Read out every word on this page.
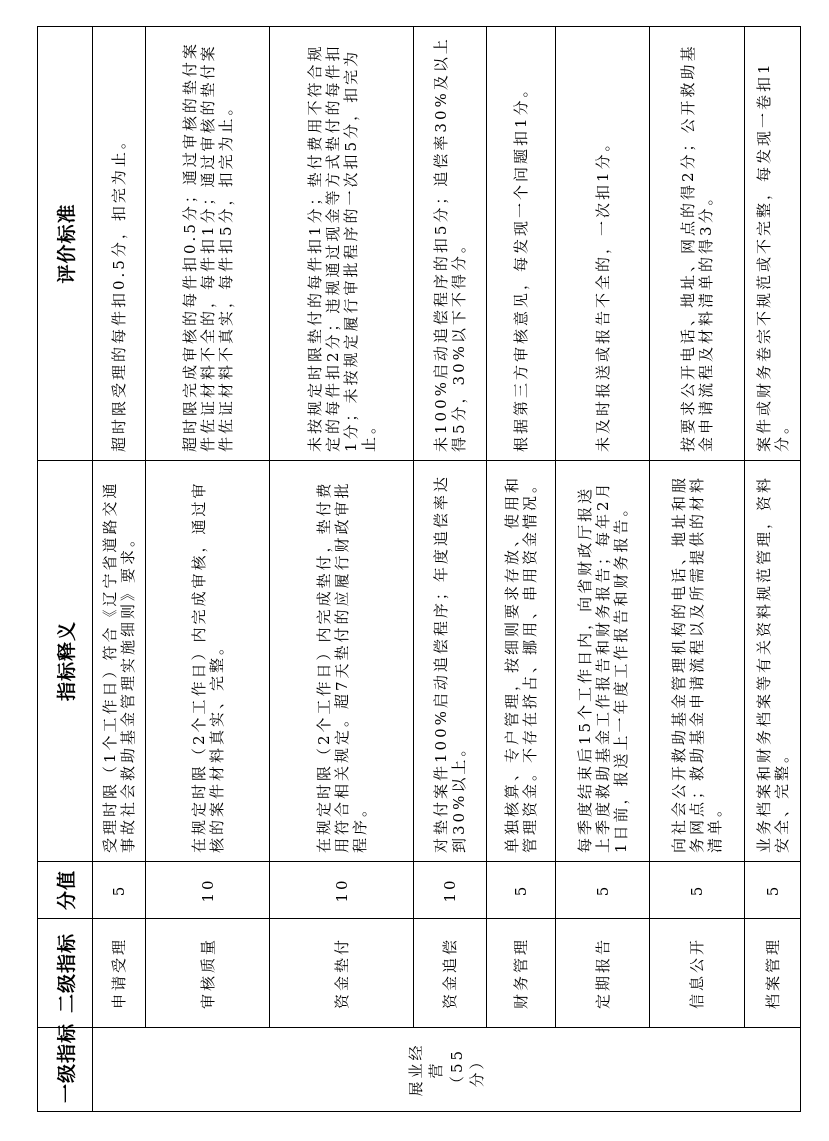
一级指标	二级指标	分值	指标释义	评价标准
展业经营 （55分）	申请受理	5	受理时限（1个工作日）符合《辽宁省道路交通事故社会救助基金管理实施细则》要求。	超时限受理的每件扣0.5分，扣完为止。
	审核质量	10	在规定时限（2个工作日）内完成审核，通过审核的案件材料真实、完整。	超时限完成审核的每件扣0.5分；通过审核的垫付案件佐证材料不全的，每件扣1分；通过审核的垫付案件佐证材料不真实，每件扣5分，扣完为止。
	资金垫付	10	在规定时限（2个工作日）内完成垫付，垫付费用符合相关规定。超7天垫付的应履行财政审批程序。	未按规定时限垫付的每件扣1分；垫付费用不符合规定的每件扣2分；违规通过现金等方式垫付的每件扣1分；未按规定履行审批程序的一次扣5分，扣完为止。
	资金追偿	10	对垫付案件100%启动追偿程序；年度追偿率达到30%以上。	未100%启动追偿程序的扣5分；追偿率30%及以上得5分，30%以下不得分。
	财务管理	5	单独核算、专户管理，按细则要求存放、使用和管理资金。不存在挤占、挪用、串用资金情况。	根据第三方审核意见，每发现一个问题扣1分。
	定期报告	5	每季度结束后15个工作日内，向省财政厅报送上季度救助基金工作报告和财务报告；每年2月1日前，报送上一年度工作报告和财务报告。	未及时报送或报告不全的，一次扣1分。
	信息公开	5	向社会公开救助基金管理机构的电话、地址和服务网点；救助基金申请流程以及所需提供的材料清单。	按要求公开电话、地址、网点的得2分；公开救助基金申请流程及材料清单的得3分。
	档案管理	5	业务档案和财务档案等有关资料规范管理，资料安全、完整。	案件或财务卷宗不规范或不完整，每发现一卷扣1分。
